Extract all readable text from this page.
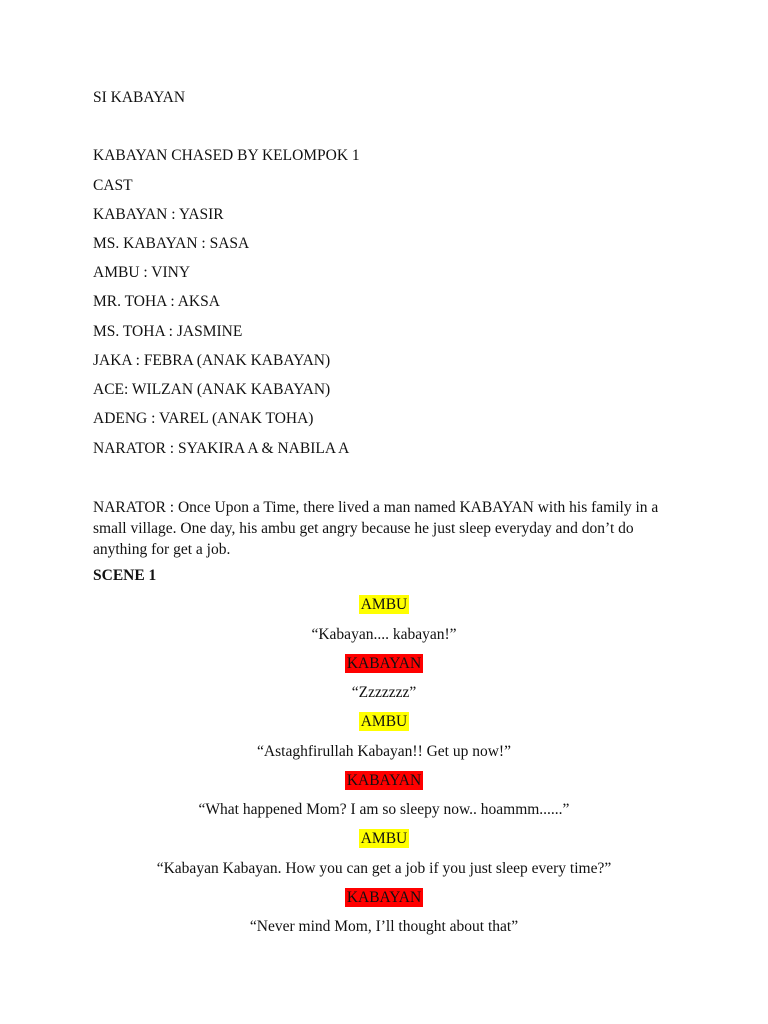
SI KABAYAN
KABAYAN CHASED BY KELOMPOK 1
CAST
KABAYAN : YASIR
MS. KABAYAN : SASA
AMBU : VINY
MR. TOHA : AKSA
MS. TOHA : JASMINE
JAKA : FEBRA (ANAK KABAYAN)
ACE: WILZAN (ANAK KABAYAN)
ADENG : VAREL (ANAK TOHA)
NARATOR : SYAKIRA A & NABILA A
NARATOR : Once Upon a Time, there lived a man named KABAYAN with his family in a small village. One day, his ambu get angry because he just sleep everyday and don’t do anything for get a job.
SCENE 1
AMBU
“Kabayan.... kabayan!”
KABAYAN
“Zzzzzzz”
AMBU
“Astaghfirullah Kabayan!! Get up now!”
KABAYAN
“What happened Mom? I am so sleepy now.. hoammm......”
AMBU
“Kabayan Kabayan. How you can get a job if you just sleep every time?”
KABAYAN
“Never mind Mom, I’ll thought about that”
